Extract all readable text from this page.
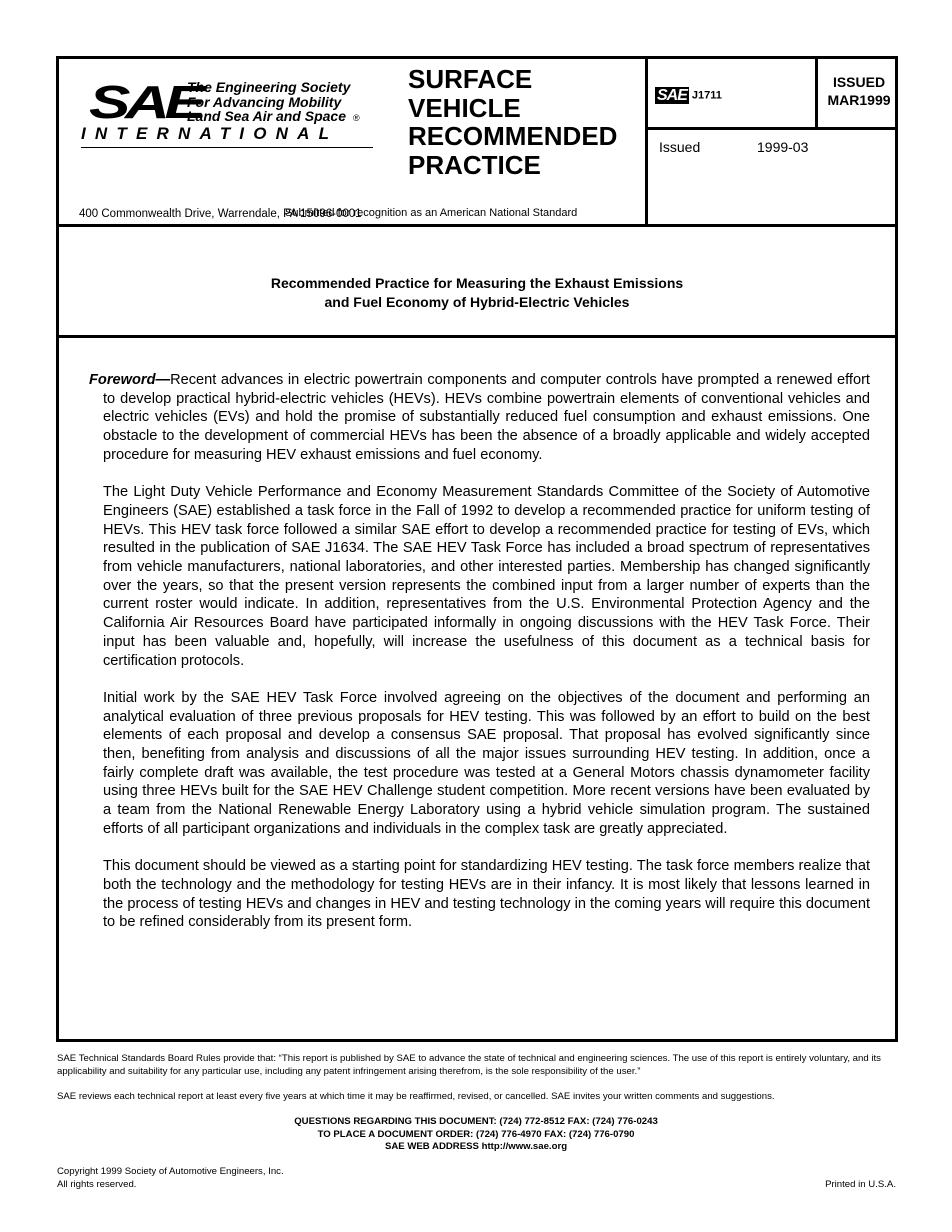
SAE
The Engineering Society
For Advancing Mobility
Land Sea Air and Space ®
INTERNATIONAL
400 Commonwealth Drive, Warrendale, PA 15096-0001
SURFACE
VEHICLE
RECOMMENDED
PRACTICE
Submitted for recognition as an American National Standard
SAE J1711
ISSUED
MAR1999
Issued	1999-03
Recommended Practice for Measuring the Exhaust Emissions
and Fuel Economy of Hybrid-Electric Vehicles

Foreword—Recent advances in electric powertrain components and computer controls have prompted a renewed effort to develop practical hybrid-electric vehicles (HEVs). HEVs combine powertrain elements of conventional vehicles and electric vehicles (EVs) and hold the promise of substantially reduced fuel consumption and exhaust emissions. One obstacle to the development of commercial HEVs has been the absence of a broadly applicable and widely accepted procedure for measuring HEV exhaust emissions and fuel economy.

The Light Duty Vehicle Performance and Economy Measurement Standards Committee of the Society of Automotive Engineers (SAE) established a task force in the Fall of 1992 to develop a recommended practice for uniform testing of HEVs. This HEV task force followed a similar SAE effort to develop a recommended practice for testing of EVs, which resulted in the publication of SAE J1634. The SAE HEV Task Force has included a broad spectrum of representatives from vehicle manufacturers, national laboratories, and other interested parties. Membership has changed significantly over the years, so that the present version represents the combined input from a larger number of experts than the current roster would indicate. In addition, representatives from the U.S. Environmental Protection Agency and the California Air Resources Board have participated informally in ongoing discussions with the HEV Task Force. Their input has been valuable and, hopefully, will increase the usefulness of this document as a technical basis for certification protocols.

Initial work by the SAE HEV Task Force involved agreeing on the objectives of the document and performing an analytical evaluation of three previous proposals for HEV testing. This was followed by an effort to build on the best elements of each proposal and develop a consensus SAE proposal. That proposal has evolved significantly since then, benefiting from analysis and discussions of all the major issues surrounding HEV testing. In addition, once a fairly complete draft was available, the test procedure was tested at a General Motors chassis dynamometer facility using three HEVs built for the SAE HEV Challenge student competition. More recent versions have been evaluated by a team from the National Renewable Energy Laboratory using a hybrid vehicle simulation program. The sustained efforts of all participant organizations and individuals in the complex task are greatly appreciated.

This document should be viewed as a starting point for standardizing HEV testing. The task force members realize that both the technology and the methodology for testing HEVs are in their infancy. It is most likely that lessons learned in the process of testing HEVs and changes in HEV and testing technology in the coming years will require this document to be refined considerably from its present form.

SAE Technical Standards Board Rules provide that: “This report is published by SAE to advance the state of technical and engineering sciences. The use of this report is entirely voluntary, and its applicability and suitability for any particular use, including any patent infringement arising therefrom, is the sole responsibility of the user.”
SAE reviews each technical report at least every five years at which time it may be reaffirmed, revised, or cancelled. SAE invites your written comments and suggestions.
QUESTIONS REGARDING THIS DOCUMENT: (724) 772-8512 FAX: (724) 776-0243
TO PLACE A DOCUMENT ORDER: (724) 776-4970 FAX: (724) 776-0790
SAE WEB ADDRESS http://www.sae.org
Copyright 1999 Society of Automotive Engineers, Inc.
All rights reserved.	Printed in U.S.A.
